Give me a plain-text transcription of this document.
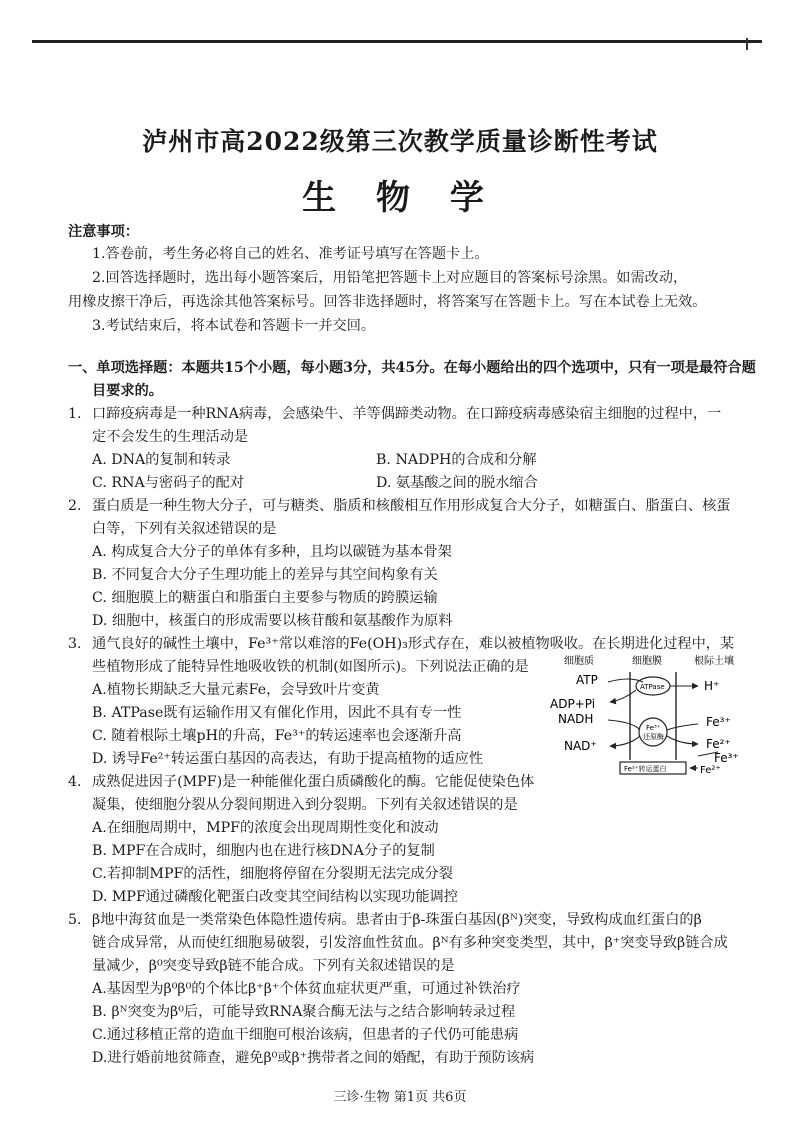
泸州市高2022级第三次教学质量诊断性考试
生 物 学
注意事项：
1.答卷前，考生务必将自己的姓名、准考证号填写在答题卡上。
2.回答选择题时，选出每小题答案后，用铅笔把答题卡上对应题目的答案标号涂黑。如需改动，
用橡皮擦干净后，再选涂其他答案标号。回答非选择题时，将答案写在答题卡上。写在本试卷上无效。
3.考试结束后，将本试卷和答题卡一并交回。
一、单项选择题：本题共15个小题，每小题3分，共45分。在每小题给出的四个选项中，只有一项是最符合题
目要求的。
1. 口蹄疫病毒是一种RNA病毒，会感染牛、羊等偶蹄类动物。在口蹄疫病毒感染宿主细胞的过程中，一
定不会发生的生理活动是
A. DNA的复制和转录	B. NADPH的合成和分解
C. RNA与密码子的配对	D. 氨基酸之间的脱水缩合
2. 蛋白质是一种生物大分子，可与糖类、脂质和核酸相互作用形成复合大分子，如糖蛋白、脂蛋白、核蛋
白等，下列有关叙述错误的是
A. 构成复合大分子的单体有多种，且均以碳链为基本骨架
B. 不同复合大分子生理功能上的差异与其空间构象有关
C. 细胞膜上的糖蛋白和脂蛋白主要参与物质的跨膜运输
D. 细胞中，核蛋白的形成需要以核苷酸和氨基酸作为原料
3. 通气良好的碱性土壤中，Fe³⁺常以难溶的Fe(OH)₃形式存在，难以被植物吸收。在长期进化过程中，某
些植物形成了能特异性地吸收铁的机制(如图所示)。下列说法正确的是
A.植物长期缺乏大量元素Fe，会导致叶片变黄
B. ATPase既有运输作用又有催化作用，因此不具有专一性
C. 随着根际土壤pH的升高，Fe³⁺的转运速率也会逐渐升高
D. 诱导Fe²⁺转运蛋白基因的高表达，有助于提高植物的适应性
细胞质	细胞膜	根际土壤
ATP	ATPase	H⁺
ADP+Pi
NADH
NAD⁺
Fe³⁺
还原酶
Fe³⁺
Fe²⁺
Fe³⁺
Fe²⁺转运蛋白	Fe²⁺
4. 成熟促进因子(MPF)是一种能催化蛋白质磷酸化的酶。它能促使染色体
凝集，使细胞分裂从分裂间期进入到分裂期。下列有关叙述错误的是
A.在细胞周期中，MPF的浓度会出现周期性变化和波动
B. MPF在合成时，细胞内也在进行核DNA分子的复制
C.若抑制MPF的活性，细胞将停留在分裂期无法完成分裂
D. MPF通过磷酸化靶蛋白改变其空间结构以实现功能调控
5. β地中海贫血是一类常染色体隐性遗传病。患者由于β-珠蛋白基因(βᴺ)突变，导致构成血红蛋白的β
链合成异常，从而使红细胞易破裂，引发溶血性贫血。βᴺ有多种突变类型，其中，β⁺突变导致β链合成
量减少，β⁰突变导致β链不能合成。下列有关叙述错误的是
A.基因型为β⁰β⁰的个体比β⁺β⁺个体贫血症状更严重，可通过补铁治疗
B. βᴺ突变为β⁰后，可能导致RNA聚合酶无法与之结合影响转录过程
C.通过移植正常的造血干细胞可根治该病，但患者的子代仍可能患病
D.进行婚前地贫筛查，避免β⁰或β⁺携带者之间的婚配，有助于预防该病
三诊·生物 第1页 共6页
